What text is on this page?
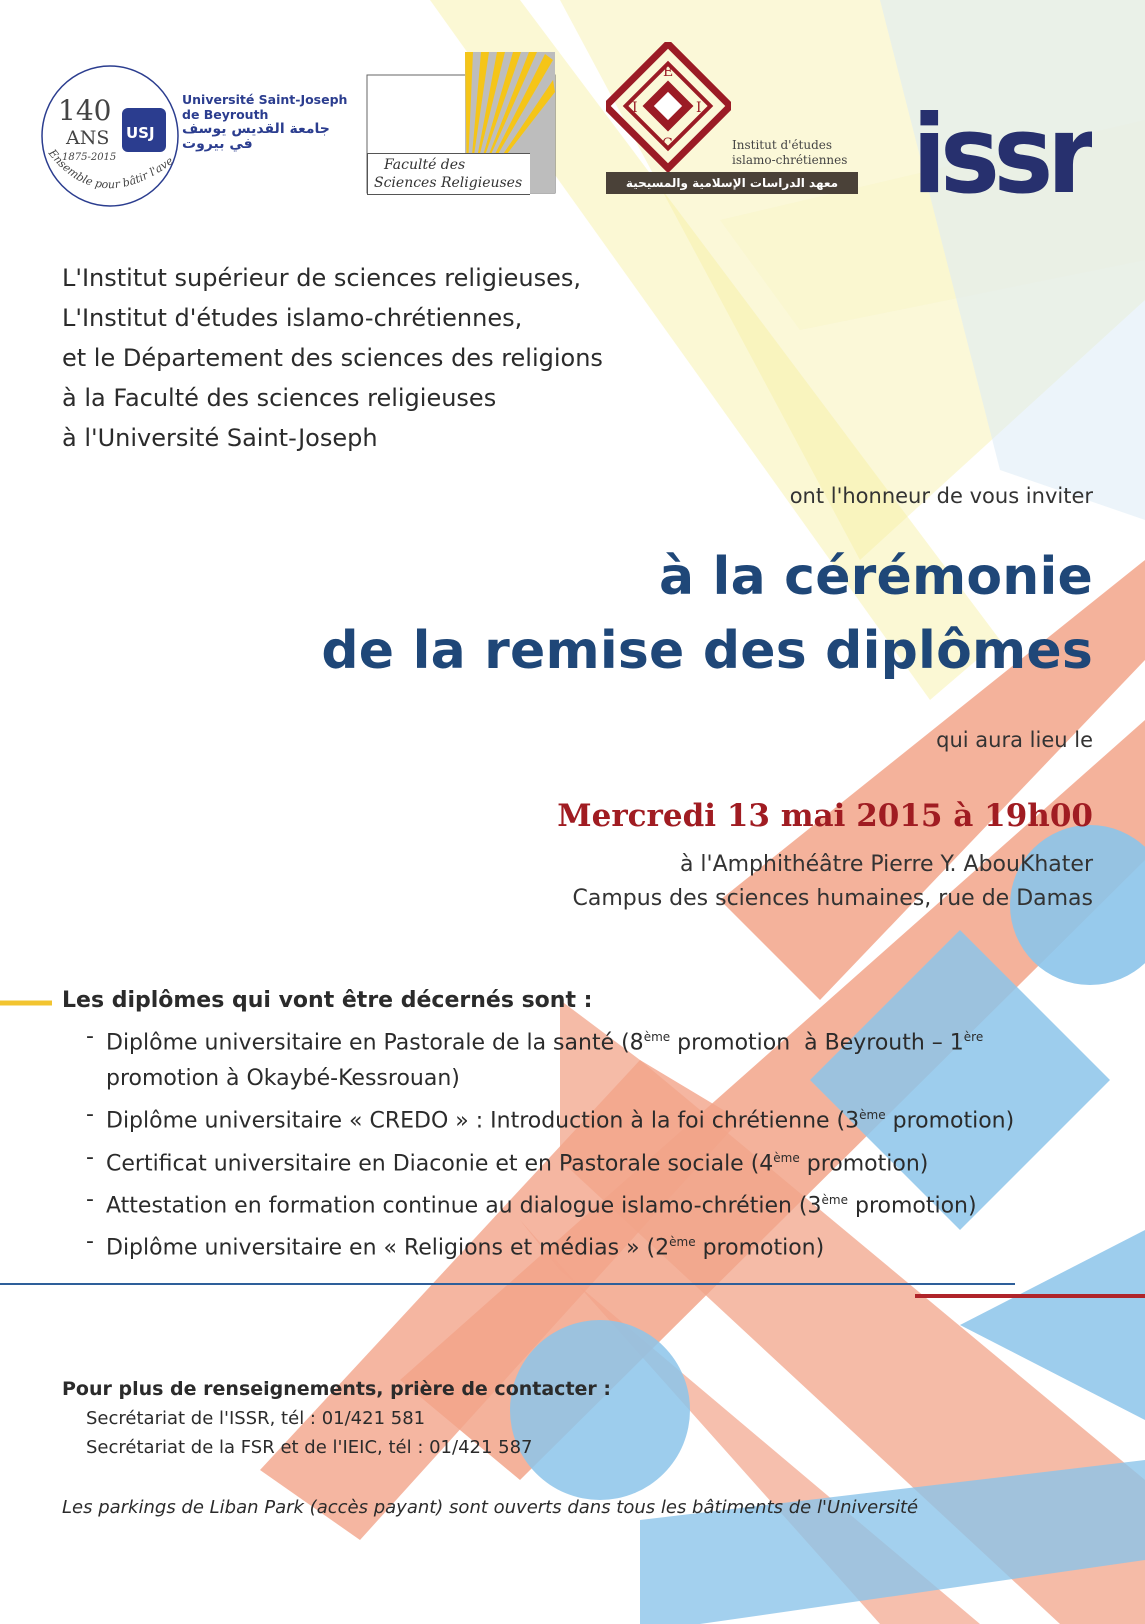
140
ANS
1875-2015
USJ
Ensemble pour bâtir l'ave
Université Saint-Joseph
de Beyrouth
جامعة القديس يوسف
في بيروت
Faculté des
Sciences Religieuses
I
E
I
C	Institut d'études
islamo-chrétiennes
معهد الدراسات الإسلامية والمسيحية issr
L'Institut supérieur de sciences religieuses,
L'Institut d'études islamo-chrétiennes,
et le Département des sciences des religions
à la Faculté des sciences religieuses
à l'Université Saint-Joseph
ont l'honneur de vous inviter
à la cérémonie
de la remise des diplômes
qui aura lieu le
Mercredi 13 mai 2015 à 19h00
à l'Amphithéâtre Pierre Y. AbouKhater
Campus des sciences humaines, rue de Damas
Les diplômes qui vont être décernés sont :
- Diplôme universitaire en Pastorale de la santé (8ème promotion  à Beyrouth – 1ère
promotion à Okaybé-Kessrouan)
- Diplôme universitaire « CREDO » : Introduction à la foi chrétienne (3ème promotion)
- Certificat universitaire en Diaconie et en Pastorale sociale (4ème promotion)
- Attestation en formation continue au dialogue islamo-chrétien (3ème promotion)
- Diplôme universitaire en « Religions et médias » (2ème promotion)
Pour plus de renseignements, prière de contacter :
Secrétariat de l'ISSR, tél : 01/421 581
Secrétariat de la FSR et de l'IEIC, tél : 01/421 587
Les parkings de Liban Park (accès payant) sont ouverts dans tous les bâtiments de l'Université
